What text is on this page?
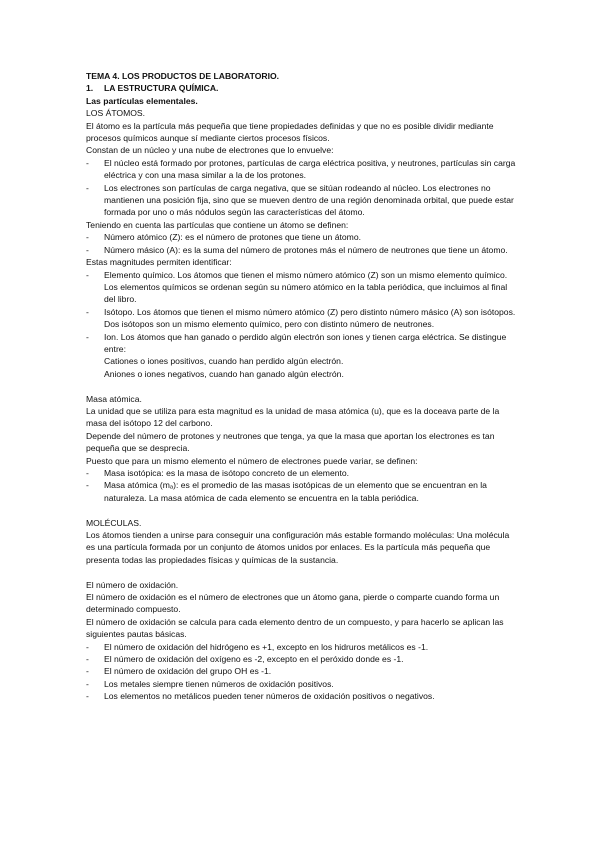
TEMA 4. LOS PRODUCTOS DE LABORATORIO.

1.	LA ESTRUCTURA QUÍMICA.

Las partículas elementales.

LOS ÁTOMOS.

El átomo es la partícula más pequeña que tiene propiedades definidas y que no es posible dividir mediante procesos químicos aunque sí mediante ciertos procesos físicos.

Constan de un núcleo y una nube de electrones que lo envuelve:

-	El núcleo está formado por protones, partículas de carga eléctrica positiva, y neutrones, partículas sin carga eléctrica y con una masa similar a la de los protones.
-	Los electrones son partículas de carga negativa, que se sitúan rodeando al núcleo. Los electrones no mantienen una posición fija, sino que se mueven dentro de una región denominada orbital, que puede estar formada por uno o más nódulos según las características del átomo.

Teniendo en cuenta las partículas que contiene un átomo se definen:

-	Número atómico (Z): es el número de protones que tiene un átomo.
-	Número másico (A): es la suma del número de protones más el número de neutrones que tiene un átomo.

Estas magnitudes permiten identificar:

-	Elemento químico. Los átomos que tienen el mismo número atómico (Z) son un mismo elemento químico. Los elementos químicos se ordenan según su número atómico en la tabla periódica, que incluimos al final del libro.
-	Isótopo. Los átomos que tienen el mismo número atómico (Z) pero distinto número másico (A) son isótopos. Dos isótopos son un mismo elemento químico, pero con distinto número de neutrones.
-	Ion. Los átomos que han ganado o perdido algún electrón son iones y tienen carga eléctrica. Se distingue entre:

Cationes o iones positivos, cuando han perdido algún electrón.

Aniones o iones negativos, cuando han ganado algún electrón.

Masa atómica.

La unidad que se utiliza para esta magnitud es la unidad de masa atómica (u), que es la doceava parte de la masa del isótopo 12 del carbono.

Depende del número de protones y neutrones que tenga, ya que la masa que aportan los electrones es tan pequeña que se desprecia.

Puesto que para un mismo elemento el número de electrones puede variar, se definen:

-	Masa isotópica: es la masa de isótopo concreto de un elemento.
-	Masa atómica (mₐ): es el promedio de las masas isotópicas de un elemento que se encuentran en la naturaleza. La masa atómica de cada elemento se encuentra en la tabla periódica.

MOLÉCULAS.

Los átomos tienden a unirse para conseguir una configuración más estable formando moléculas: Una molécula es una partícula formada por un conjunto de átomos unidos por enlaces. Es la partícula más pequeña que presenta todas las propiedades físicas y químicas de la sustancia.

El número de oxidación.

El número de oxidación es el número de electrones que un átomo gana, pierde o comparte cuando forma un determinado compuesto.

El número de oxidación se calcula para cada elemento dentro de un compuesto, y para hacerlo se aplican las siguientes pautas básicas.

-	El número de oxidación del hidrógeno es +1, excepto en los hidruros metálicos es -1.
-	El número de oxidación del oxígeno es -2, excepto en el peróxido donde es -1.
-	El número de oxidación del grupo OH es -1.
-	Los metales siempre tienen números de oxidación positivos.
-	Los elementos no metálicos pueden tener números de oxidación positivos o negativos.
